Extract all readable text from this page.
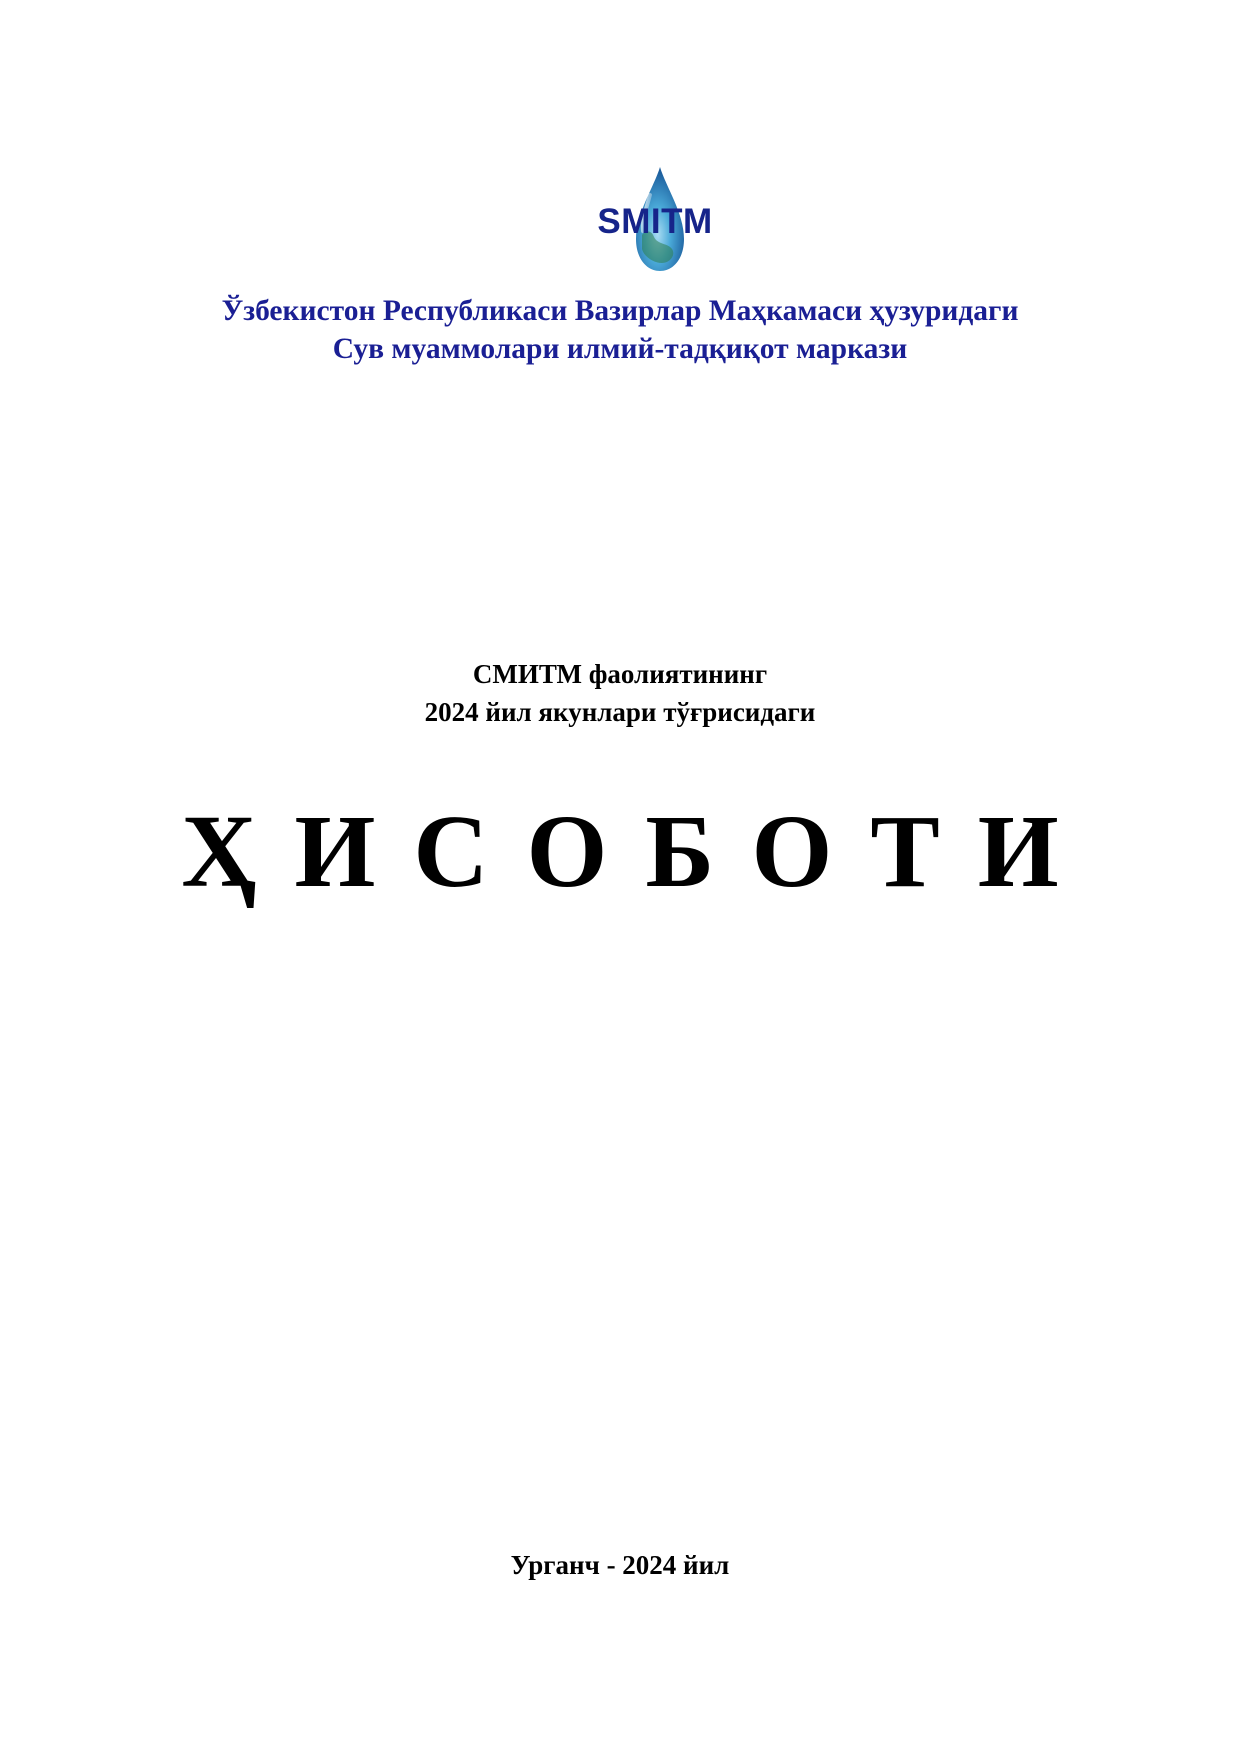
SMITM
Ўзбекистон Республикаси Вазирлар Маҳкамаси ҳузуридаги
Сув муаммолари илмий-тадқиқот маркази
СМИТМ фаолиятининг
2024 йил якунлари тўғрисидаги
ҲИСОБОТИ
Урганч - 2024 йил
